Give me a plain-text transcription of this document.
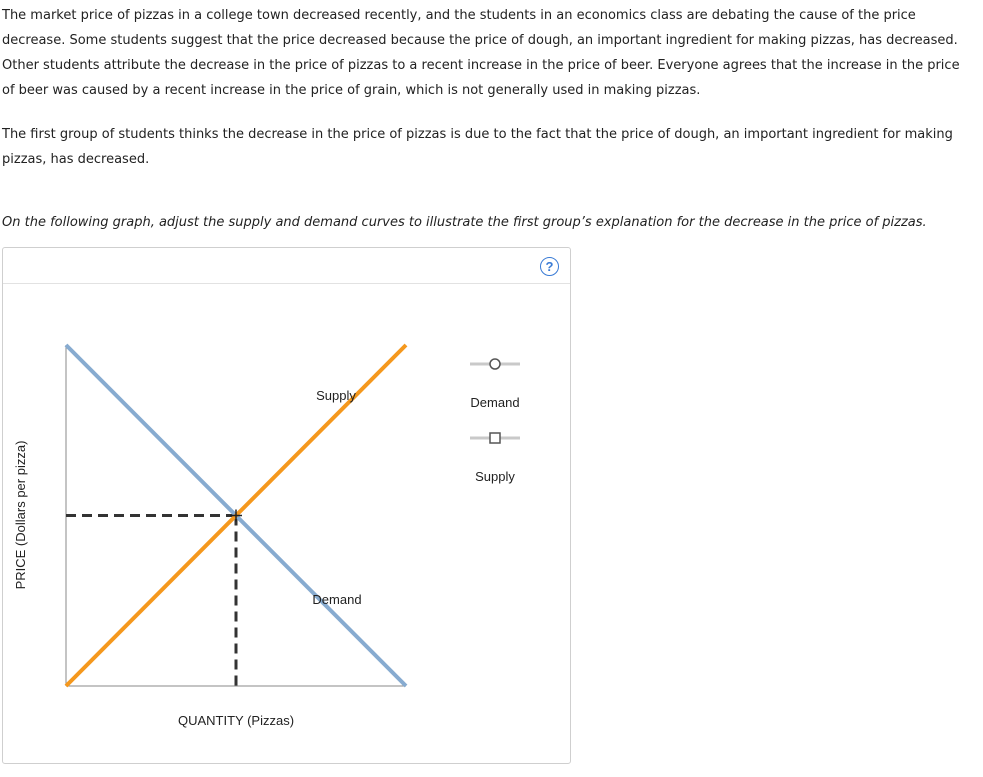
The market price of pizzas in a college town decreased recently, and the students in an economics class are debating the cause of the price decrease. Some students suggest that the price decreased because the price of dough, an important ingredient for making pizzas, has decreased. Other students attribute the decrease in the price of pizzas to a recent increase in the price of beer. Everyone agrees that the increase in the price of beer was caused by a recent increase in the price of grain, which is not generally used in making pizzas.

The first group of students thinks the decrease in the price of pizzas is due to the fact that the price of dough, an important ingredient for making pizzas, has decreased.

On the following graph, adjust the supply and demand curves to illustrate the first group’s explanation for the decrease in the price of pizzas.

?
PRICE (Dollars per pizza)
QUANTITY (Pizzas)
Supply
Demand
Demand
Supply
